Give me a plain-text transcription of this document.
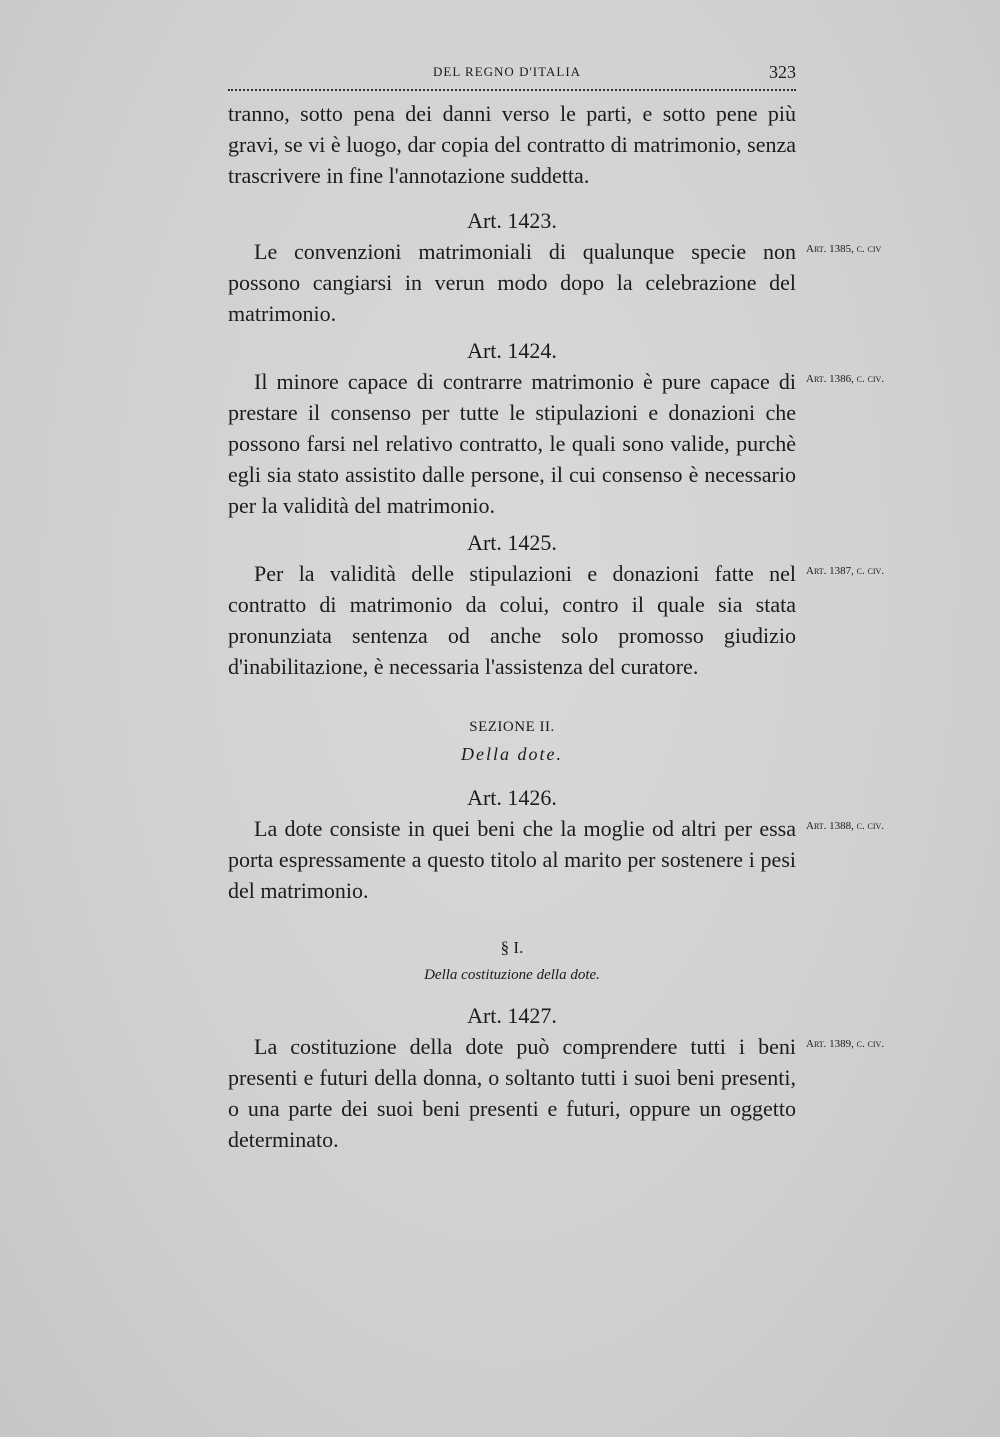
DEL REGNO D'ITALIA	323

tranno, sotto pena dei danni verso le parti, e sotto pene più gravi, se vi è luogo, dar copia del contratto di matrimonio, senza trascrivere in fine l'annotazione suddetta.

Art. 1423.

Le convenzioni matrimoniali di qualunque specie non possono cangiarsi in verun modo dopo la celebrazione del matrimonio.
Art. 1385, c. civ

Art. 1424.

Il minore capace di contrarre matrimonio è pure capace di prestare il consenso per tutte le stipulazioni e donazioni che possono farsi nel relativo contratto, le quali sono valide, purchè egli sia stato assistito dalle persone, il cui consenso è necessario per la validità del matrimonio.
Art. 1386, c. civ.

Art. 1425.

Per la validità delle stipulazioni e donazioni fatte nel contratto di matrimonio da colui, contro il quale sia stata pronunziata sentenza od anche solo promosso giudizio d'inabilitazione, è necessaria l'assistenza del curatore.
Art. 1387, c. civ.

SEZIONE II.

Della dote.

Art. 1426.

La dote consiste in quei beni che la moglie od altri per essa porta espressamente a questo titolo al marito per sostenere i pesi del matrimonio.
Art. 1388, c. civ.

§ I.

Della costituzione della dote.

Art. 1427.

La costituzione della dote può comprendere tutti i beni presenti e futuri della donna, o soltanto tutti i suoi beni presenti, o una parte dei suoi beni presenti e futuri, oppure un oggetto determinato.
Art. 1389, c. civ.
